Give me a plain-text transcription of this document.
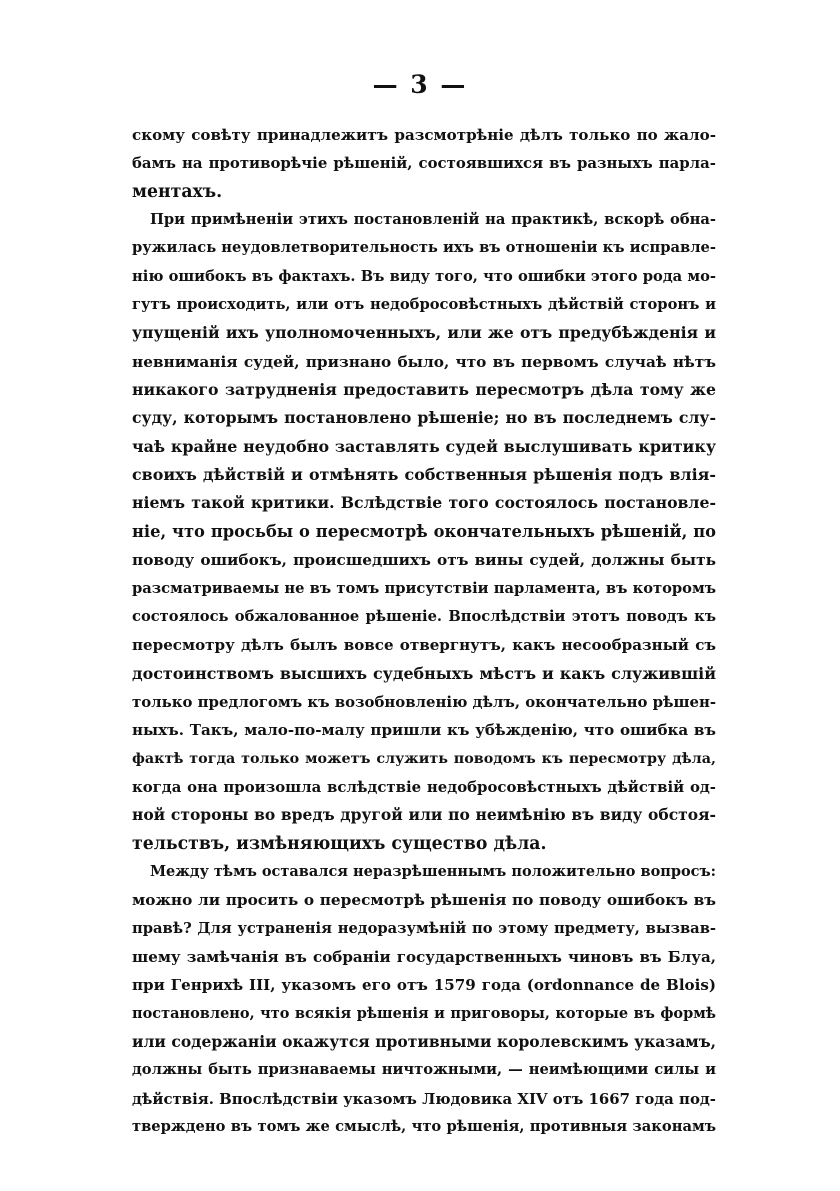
— 3 —
скому совѣту принадлежитъ разсмотрѣніе дѣлъ только по жало-
бамъ на противорѣчіе рѣшеній, состоявшихся въ разныхъ парла-
ментахъ.
При примѣненіи этихъ постановленій на практикѣ, вскорѣ обна-
ружилась неудовлетворительность ихъ въ отношеніи къ исправле-
нію ошибокъ въ фактахъ. Въ виду того, что ошибки этого рода мо-
гутъ происходить, или отъ недобросовѣстныхъ дѣйствій сторонъ и
упущеній ихъ уполномоченныхъ, или же отъ предубѣжденія и
невниманія судей, признано было, что въ первомъ случаѣ нѣтъ
никакого затрудненія предоставить пересмотръ дѣла тому же
суду, которымъ постановлено рѣшеніе; но въ последнемъ слу-
чаѣ крайне неудобно заставлять судей выслушивать критику
своихъ дѣйствій и отмѣнять собственныя рѣшенія подъ влія-
ніемъ такой критики. Вслѣдствіе того состоялось постановле-
ніе, что просьбы о пересмотрѣ окончательныхъ рѣшеній, по
поводу ошибокъ, происшедшихъ отъ вины судей, должны быть
разсматриваемы не въ томъ присутствіи парламента, въ которомъ
состоялось обжалованное рѣшеніе. Впослѣдствіи этотъ поводъ къ
пересмотру дѣлъ былъ вовсе отвергнутъ, какъ несообразный съ
достоинствомъ высшихъ судебныхъ мѣстъ и какъ служившій
только предлогомъ къ возобновленію дѣлъ, окончательно рѣшен-
ныхъ. Такъ, мало-по-малу пришли къ убѣжденію, что ошибка въ
фактѣ тогда только можетъ служить поводомъ къ пересмотру дѣла,
когда она произошла вслѣдствіе недобросовѣстныхъ дѣйствій од-
ной стороны во вредъ другой или по неимѣнію въ виду обстоя-
тельствъ, измѣняющихъ существо дѣла.
Между тѣмъ оставался неразрѣшеннымъ положительно вопросъ:
можно ли просить о пересмотрѣ рѣшенія по поводу ошибокъ въ
правѣ? Для устраненія недоразумѣній по этому предмету, вызвав-
шему замѣчанія въ собраніи государственныхъ чиновъ въ Блуа,
при Генрихѣ III, указомъ его отъ 1579 года (ordonnance de Blois)
постановлено, что всякія рѣшенія и приговоры, которые въ формѣ
или содержаніи окажутся противными королевскимъ указамъ,
должны быть признаваемы ничтожными, — неимѣющими силы и
дѣйствія. Впослѣдствіи указомъ Людовика XIV отъ 1667 года под-
тверждено въ томъ же смыслѣ, что рѣшенія, противныя законамъ
